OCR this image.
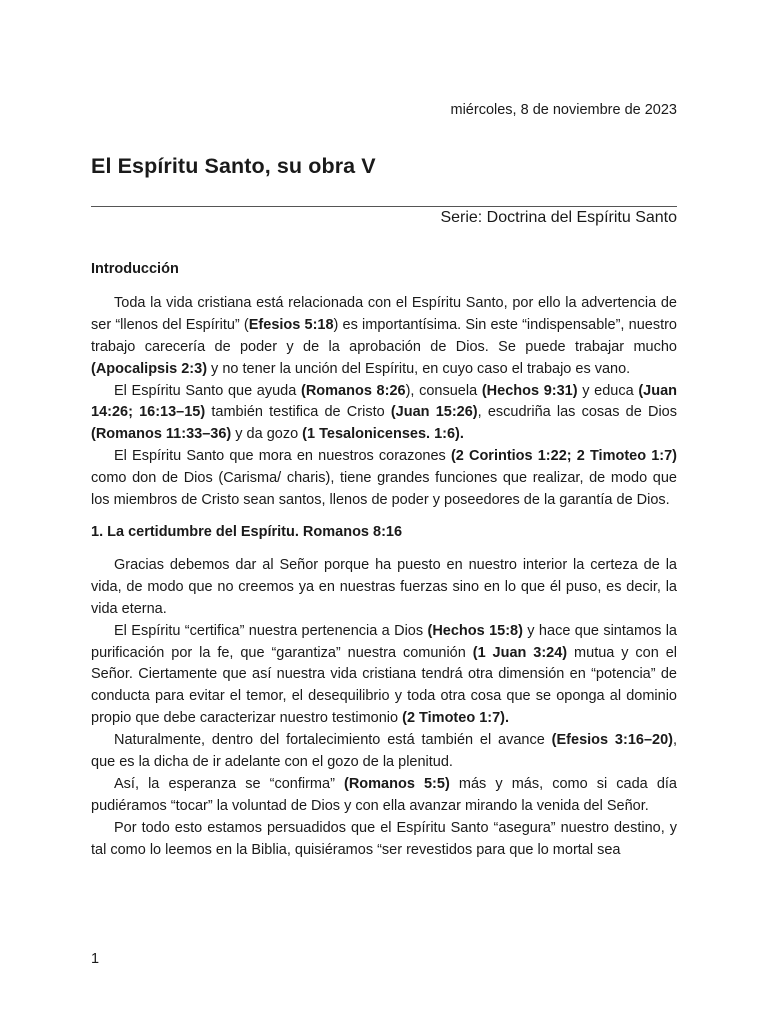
miércoles, 8 de noviembre de 2023
El Espíritu Santo, su obra V
Serie: Doctrina del Espíritu Santo
Introducción

Toda la vida cristiana está relacionada con el Espíritu Santo, por ello la advertencia de ser “llenos del Espíritu” (Efesios 5:18) es importantísima. Sin este “indispensable”, nuestro trabajo carecería de poder y de la aprobación de Dios. Se puede trabajar mucho (Apocalipsis 2:3) y no tener la unción del Espíritu, en cuyo caso el trabajo es vano.

El Espíritu Santo que ayuda (Romanos 8:26), consuela (Hechos 9:31) y educa (Juan 14:26; 16:13–15) también testifica de Cristo (Juan 15:26), escudriña las cosas de Dios (Romanos 11:33–36) y da gozo (1 Tesalonicenses. 1:6).

El Espíritu Santo que mora en nuestros corazones (2 Corintios 1:22; 2 Timoteo 1:7) como don de Dios (Carisma/ charis), tiene grandes funciones que realizar, de modo que los miembros de Cristo sean santos, llenos de poder y poseedores de la garantía de Dios.

1. La certidumbre del Espíritu. Romanos 8:16

Gracias debemos dar al Señor porque ha puesto en nuestro interior la certeza de la vida, de modo que no creemos ya en nuestras fuerzas sino en lo que él puso, es decir, la vida eterna.

El Espíritu “certifica” nuestra pertenencia a Dios (Hechos 15:8) y hace que sintamos la purificación por la fe, que “garantiza” nuestra comunión (1 Juan 3:24) mutua y con el Señor. Ciertamente que así nuestra vida cristiana tendrá otra dimensión en “potencia” de conducta para evitar el temor, el desequilibrio y toda otra cosa que se oponga al dominio propio que debe caracterizar nuestro testimonio (2 Timoteo 1:7).

Naturalmente, dentro del fortalecimiento está también el avance (Efesios 3:16–20), que es la dicha de ir adelante con el gozo de la plenitud.

Así, la esperanza se “confirma” (Romanos 5:5) más y más, como si cada día pudiéramos “tocar” la voluntad de Dios y con ella avanzar mirando la venida del Señor.

Por todo esto estamos persuadidos que el Espíritu Santo “asegura” nuestro destino, y tal como lo leemos en la Biblia, quisiéramos “ser revestidos para que lo mortal sea

1
